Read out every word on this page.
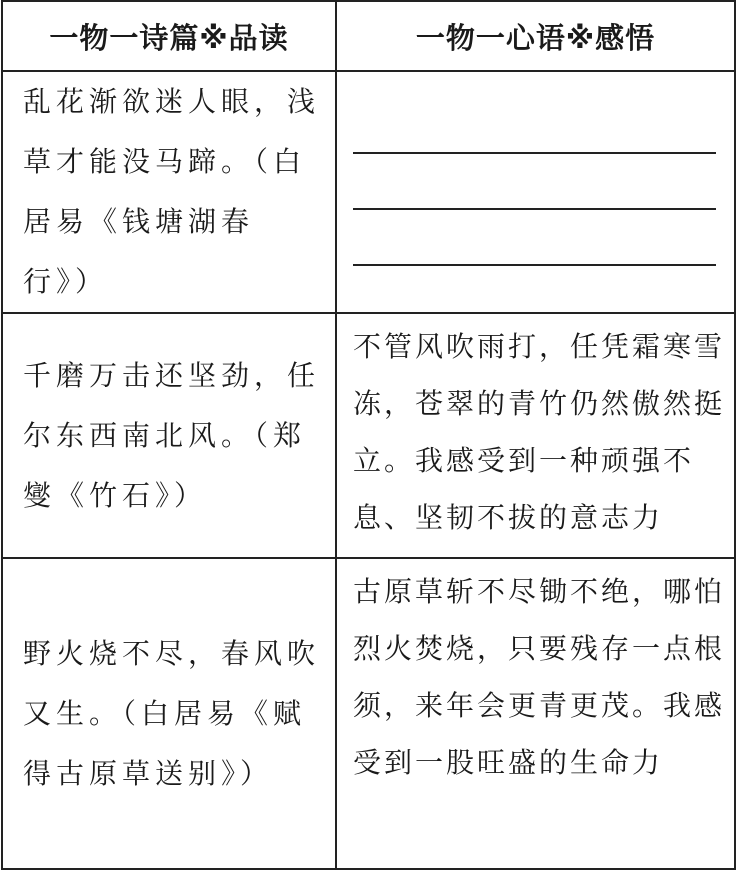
一物一诗篇※品读	一物一心语※感悟
乱花渐欲迷人眼，浅草才能没马蹄。（白居易《钱塘湖春行》）	

千磨万击还坚劲，任尔东西南北风。（郑燮《竹石》）	不管风吹雨打，任凭霜寒雪冻，苍翠的青竹仍然傲然挺立。我感受到一种顽强不息、坚韧不拔的意志力
野火烧不尽，春风吹又生。（白居易《赋得古原草送别》）	古原草斩不尽锄不绝，哪怕烈火焚烧，只要残存一点根须，来年会更青更茂。我感受到一股旺盛的生命力
